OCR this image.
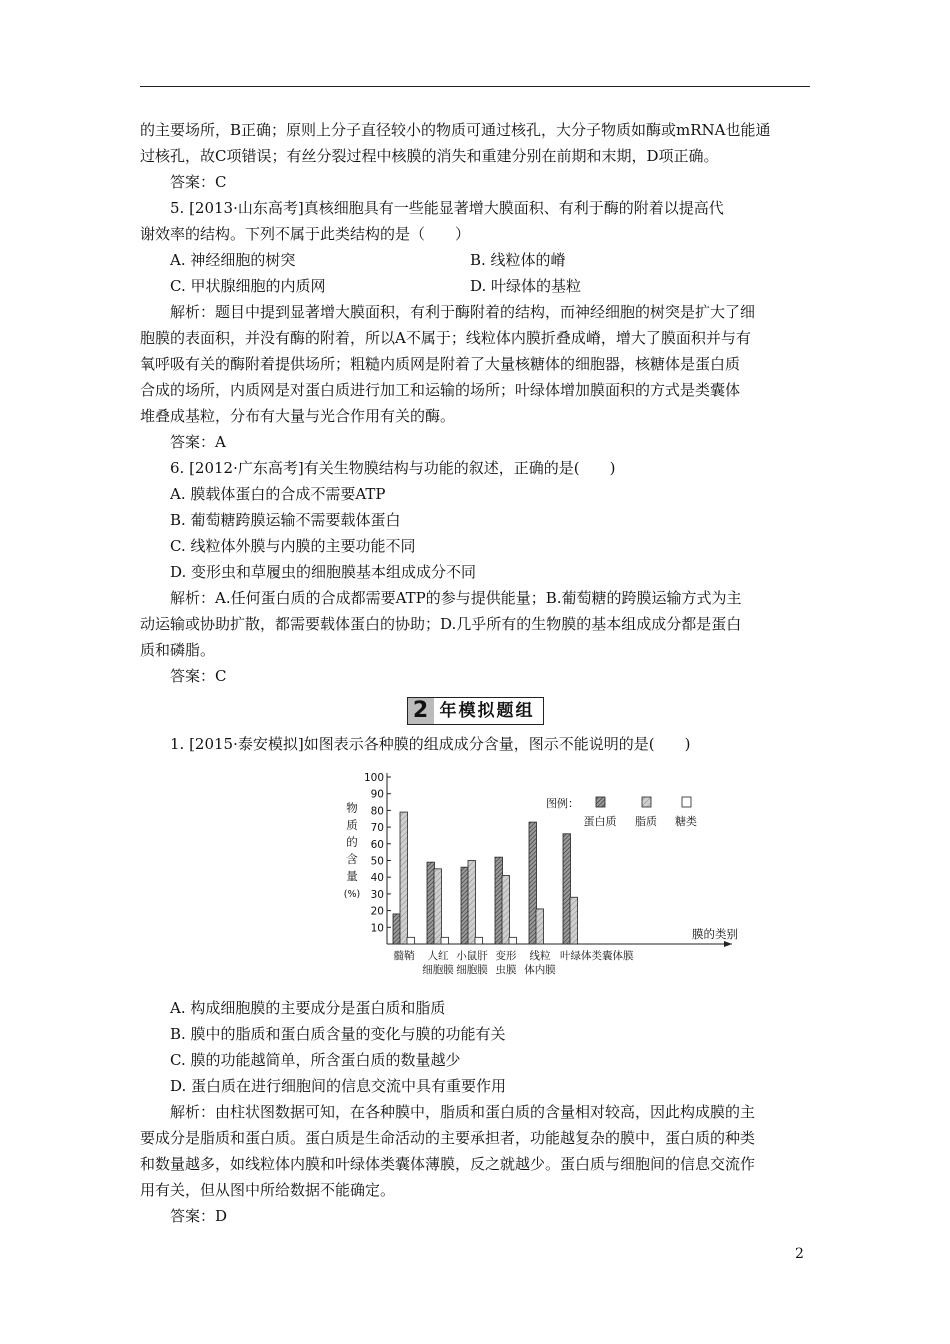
的主要场所，B正确；原则上分子直径较小的物质可通过核孔，大分子物质如酶或mRNA也能通

过核孔，故C项错误；有丝分裂过程中核膜的消失和重建分别在前期和末期，D项正确。

答案：C

5. [2013·山东高考]真核细胞具有一些能显著增大膜面积、有利于酶的附着以提高代

谢效率的结构。下列不属于此类结构的是（　　）

A. 神经细胞的树突	B. 线粒体的嵴
C. 甲状腺细胞的内质网	D. 叶绿体的基粒

解析：题目中提到显著增大膜面积，有利于酶附着的结构，而神经细胞的树突是扩大了细

胞膜的表面积，并没有酶的附着，所以A不属于；线粒体内膜折叠成嵴，增大了膜面积并与有

氧呼吸有关的酶附着提供场所；粗糙内质网是附着了大量核糖体的细胞器，核糖体是蛋白质

合成的场所，内质网是对蛋白质进行加工和运输的场所；叶绿体增加膜面积的方式是类囊体

堆叠成基粒，分布有大量与光合作用有关的酶。

答案：A

6. [2012·广东高考]有关生物膜结构与功能的叙述，正确的是(　　)

A. 膜载体蛋白的合成不需要ATP

B. 葡萄糖跨膜运输不需要载体蛋白

C. 线粒体外膜与内膜的主要功能不同

D. 变形虫和草履虫的细胞膜基本组成成分不同

解析：A.任何蛋白质的合成都需要ATP的参与提供能量；B.葡萄糖的跨膜运输方式为主

动运输或协助扩散，都需要载体蛋白的协助；D.几乎所有的生物膜的基本组成成分都是蛋白

质和磷脂。

答案：C

2 年模拟题组

1. [2015·泰安模拟]如图表示各种膜的组成成分含量，图示不能说明的是(　　)

10
20
30
40
50
60
70
80
90
100
物
质
的
含
量
(%)
髓鞘 人红
细胞膜
小鼠肝
细胞膜
变形
虫膜
线粒
体内膜
叶绿体类囊体膜
膜的类别
图例：
蛋白质 脂质 糖类

A. 构成细胞膜的主要成分是蛋白质和脂质

B. 膜中的脂质和蛋白质含量的变化与膜的功能有关

C. 膜的功能越简单，所含蛋白质的数量越少

D. 蛋白质在进行细胞间的信息交流中具有重要作用

解析：由柱状图数据可知，在各种膜中，脂质和蛋白质的含量相对较高，因此构成膜的主

要成分是脂质和蛋白质。蛋白质是生命活动的主要承担者，功能越复杂的膜中，蛋白质的种类

和数量越多，如线粒体内膜和叶绿体类囊体薄膜，反之就越少。蛋白质与细胞间的信息交流作

用有关，但从图中所给数据不能确定。

答案：D

2
